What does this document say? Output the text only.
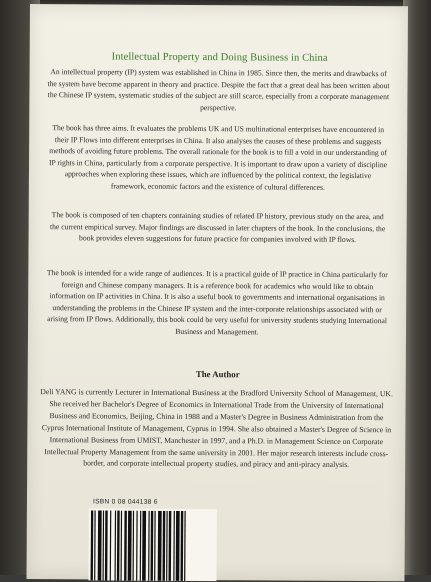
Intellectual Property and Doing Business in China

An intellectual property (IP) system was established in China in 1985. Since then, the merits and drawbacks of the system have become apparent in theory and practice. Despite the fact that a great deal has been written about the Chinese IP system, systematic studies of the subject are still scarce, especially from a corporate management perspective.

The book has three aims. It evaluates the problems UK and US multinational enterprises have encountered in their IP Flows into different enterprises in China. It also analyses the causes of these problems and suggests methods of avoiding future problems. The overall rationale for the book is to fill a void in our understanding of IP rights in China, particularly from a corporate perspective. It is important to draw upon a variety of discipline approaches when exploring these issues, which are influenced by the political context, the legislative framework, economic factors and the existence of cultural differences.

The book is composed of ten chapters containing studies of related IP history, previous study on the area, and the current empirical survey. Major findings are discussed in later chapters of the book. In the conclusions, the book provides eleven suggestions for future practice for companies involved with IP flows.

The book is intended for a wide range of audiences. It is a practical guide of IP practice in China particularly for foreign and Chinese company managers. It is a reference book for academics who would like to obtain information on IP activities in China. It is also a useful book to governments and international organisations in understanding the problems in the Chinese IP system and the inter-corporate relationships associated with or arising from IP flows. Additionally, this book could be very useful for university students studying International Business and Management.

The Author

Deli YANG is currently Lecturer in International Business at the Bradford University School of Management, UK. She received her Bachelor's Degree of Economics in International Trade from the University of International Business and Economics, Beijing, China in 1988 and a Master's Degree in Business Administration from the Cyprus International Institute of Management, Cyprus in 1994. She also obtained a Master's Degree of Science in International Business from UMIST, Manchester in 1997, and a Ph.D. in Management Science on Corporate Intellectual Property Management from the same university in 2001. Her major research interests include cross-border, and corporate intellectual property studies, and piracy and anti-piracy analysis.

ISBN 0 08 044138 6
